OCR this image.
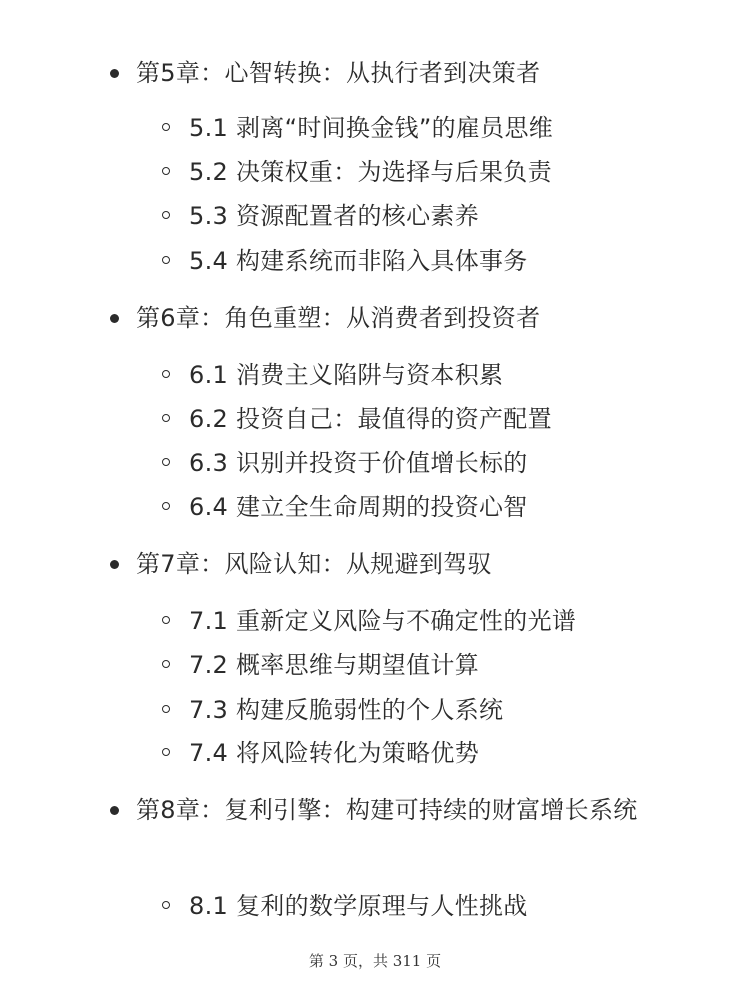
第5章：心智转换：从执行者到决策者
5.1 剥离“时间换金钱”的雇员思维
5.2 决策权重：为选择与后果负责
5.3 资源配置者的核心素养
5.4 构建系统而非陷入具体事务
第6章：角色重塑：从消费者到投资者
6.1 消费主义陷阱与资本积累
6.2 投资自己：最值得的资产配置
6.3 识别并投资于价值增长标的
6.4 建立全生命周期的投资心智
第7章：风险认知：从规避到驾驭
7.1 重新定义风险与不确定性的光谱
7.2 概率思维与期望值计算
7.3 构建反脆弱性的个人系统
7.4 将风险转化为策略优势
第8章：复利引擎：构建可持续的财富增长系统
8.1 复利的数学原理与人性挑战
第 3 页，共 311 页
